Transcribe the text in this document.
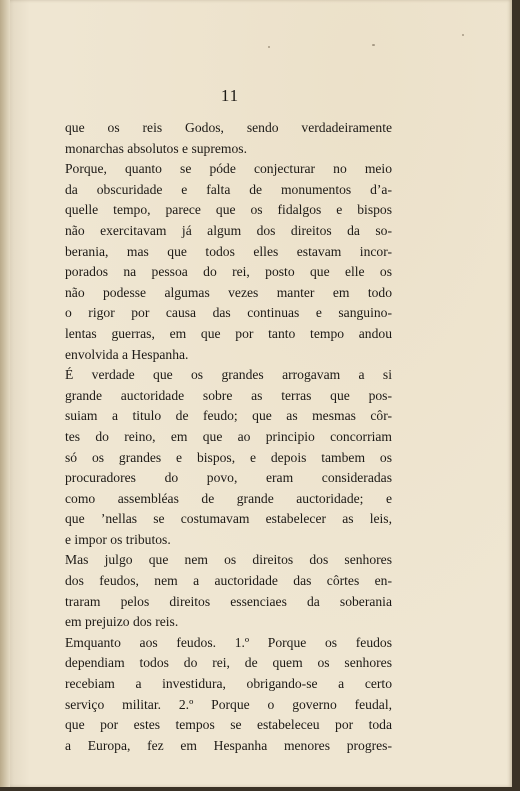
11
que os reis Godos, sendo verdadeiramente
monarchas absolutos e supremos.
Porque, quanto se póde conjecturar no meio
da obscuridade e falta de monumentos d’a-
quelle tempo, parece que os fidalgos e bispos
não exercitavam já algum dos direitos da so-
berania, mas que todos elles estavam incor-
porados na pessoa do rei, posto que elle os
não podesse algumas vezes manter em todo
o rigor por causa das continuas e sanguino-
lentas guerras, em que por tanto tempo andou
envolvida a Hespanha.
É verdade que os grandes arrogavam a si
grande auctoridade sobre as terras que pos-
suiam a titulo de feudo; que as mesmas côr-
tes do reino, em que ao principio concorriam
só os grandes e bispos, e depois tambem os
procuradores do povo, eram consideradas
como assembléas de grande auctoridade; e
que ’nellas se costumavam estabelecer as leis,
e impor os tributos.
Mas julgo que nem os direitos dos senhores
dos feudos, nem a auctoridade das côrtes en-
traram pelos direitos essenciaes da soberania
em prejuizo dos reis.
Emquanto aos feudos. 1.º Porque os feudos
dependiam todos do rei, de quem os senhores
recebiam a investidura, obrigando-se a certo
serviço militar. 2.º Porque o governo feudal,
que por estes tempos se estabeleceu por toda
a Europa, fez em Hespanha menores progres-
